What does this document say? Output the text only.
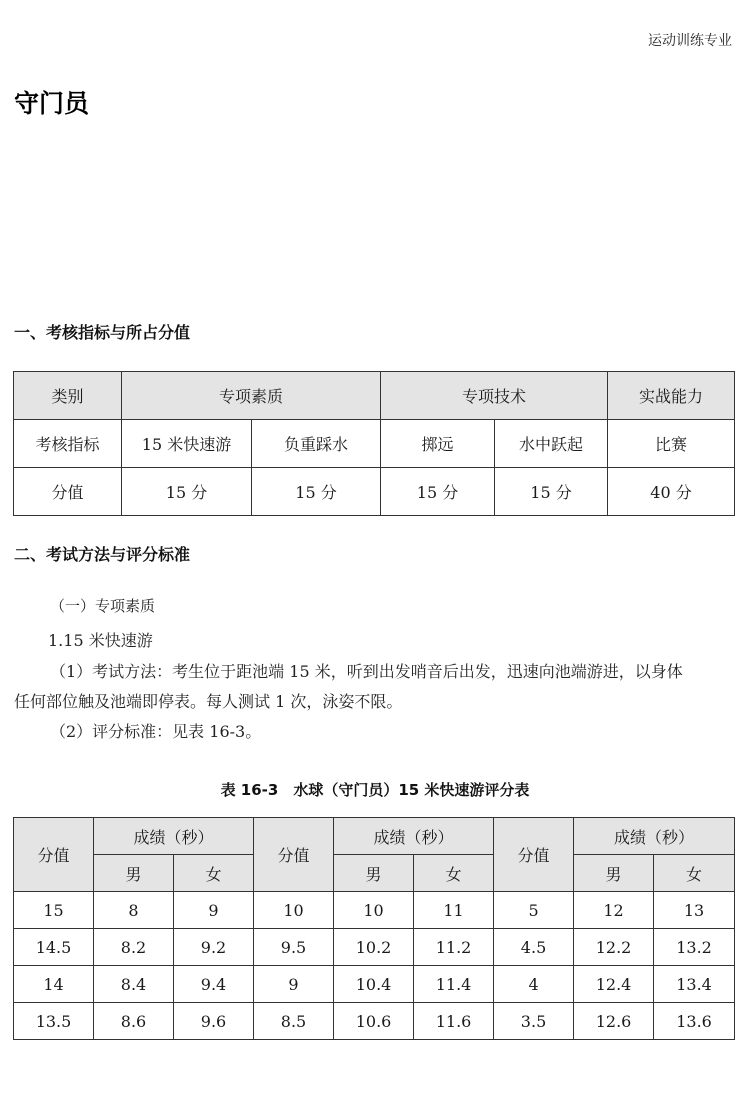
运动训练专业
守门员
一、考核指标与所占分值
类别	专项素质		专项技术		实战能力
考核指标	15 米快速游	负重踩水	掷远	水中跃起	比赛
分值	15 分	15 分	15 分	15 分	40 分
二、考试方法与评分标准
（一）专项素质
1.15 米快速游
（1）考试方法：考生位于距池端 15 米，听到出发哨音后出发，迅速向池端游进，以身体
任何部位触及池端即停表。每人测试 1 次，泳姿不限。
（2）评分标准：见表 16-3。
表 16-3　水球（守门员）15 米快速游评分表
分值	成绩（秒）		分值	成绩（秒）		分值	成绩（秒）	
	男	女		男	女		男	女
15	8	9	10	10	11	5	12	13
14.5	8.2	9.2	9.5	10.2	11.2	4.5	12.2	13.2
14	8.4	9.4	9	10.4	11.4	4	12.4	13.4
13.5	8.6	9.6	8.5	10.6	11.6	3.5	12.6	13.6
